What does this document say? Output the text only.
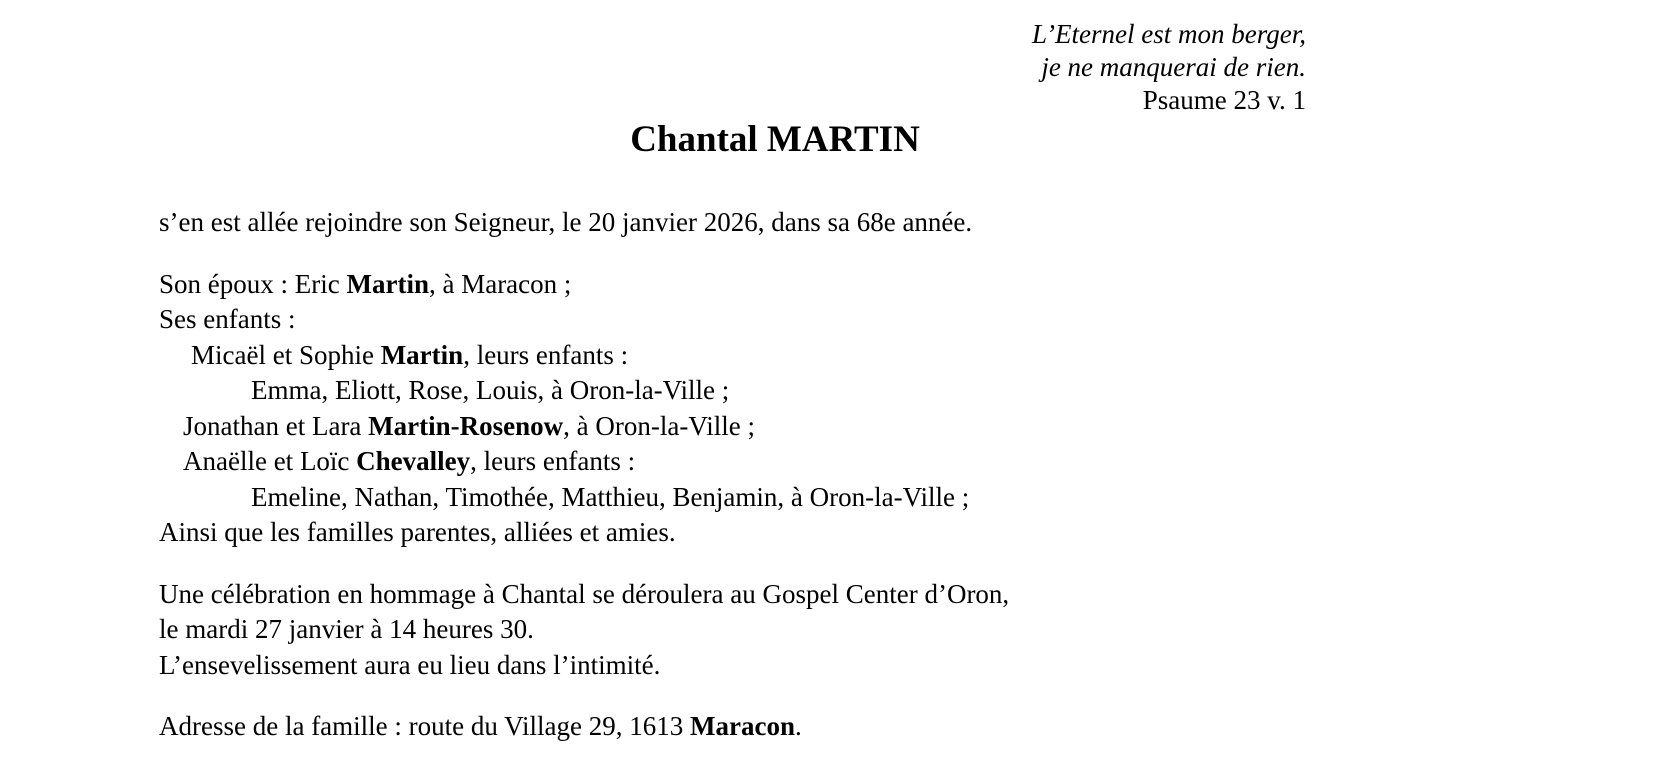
L’Eternel est mon berger,
je ne manquerai de rien.
Psaume 23 v. 1
Chantal MARTIN

s’en est allée rejoindre son Seigneur, le 20 janvier 2026, dans sa 68e année.

Son époux : Eric Martin, à Maracon ;

Ses enfants :

Micaël et Sophie Martin, leurs enfants :

Emma, Eliott, Rose, Louis, à Oron-la-Ville ;

Jonathan et Lara Martin-Rosenow, à Oron-la-Ville ;

Anaëlle et Loïc Chevalley, leurs enfants :

Emeline, Nathan, Timothée, Matthieu, Benjamin, à Oron-la-Ville ;

Ainsi que les familles parentes, alliées et amies.

Une célébration en hommage à Chantal se déroulera au Gospel Center d’Oron,

le mardi 27 janvier à 14 heures 30.

L’ensevelissement aura eu lieu dans l’intimité.

Adresse de la famille : route du Village 29, 1613 Maracon.
